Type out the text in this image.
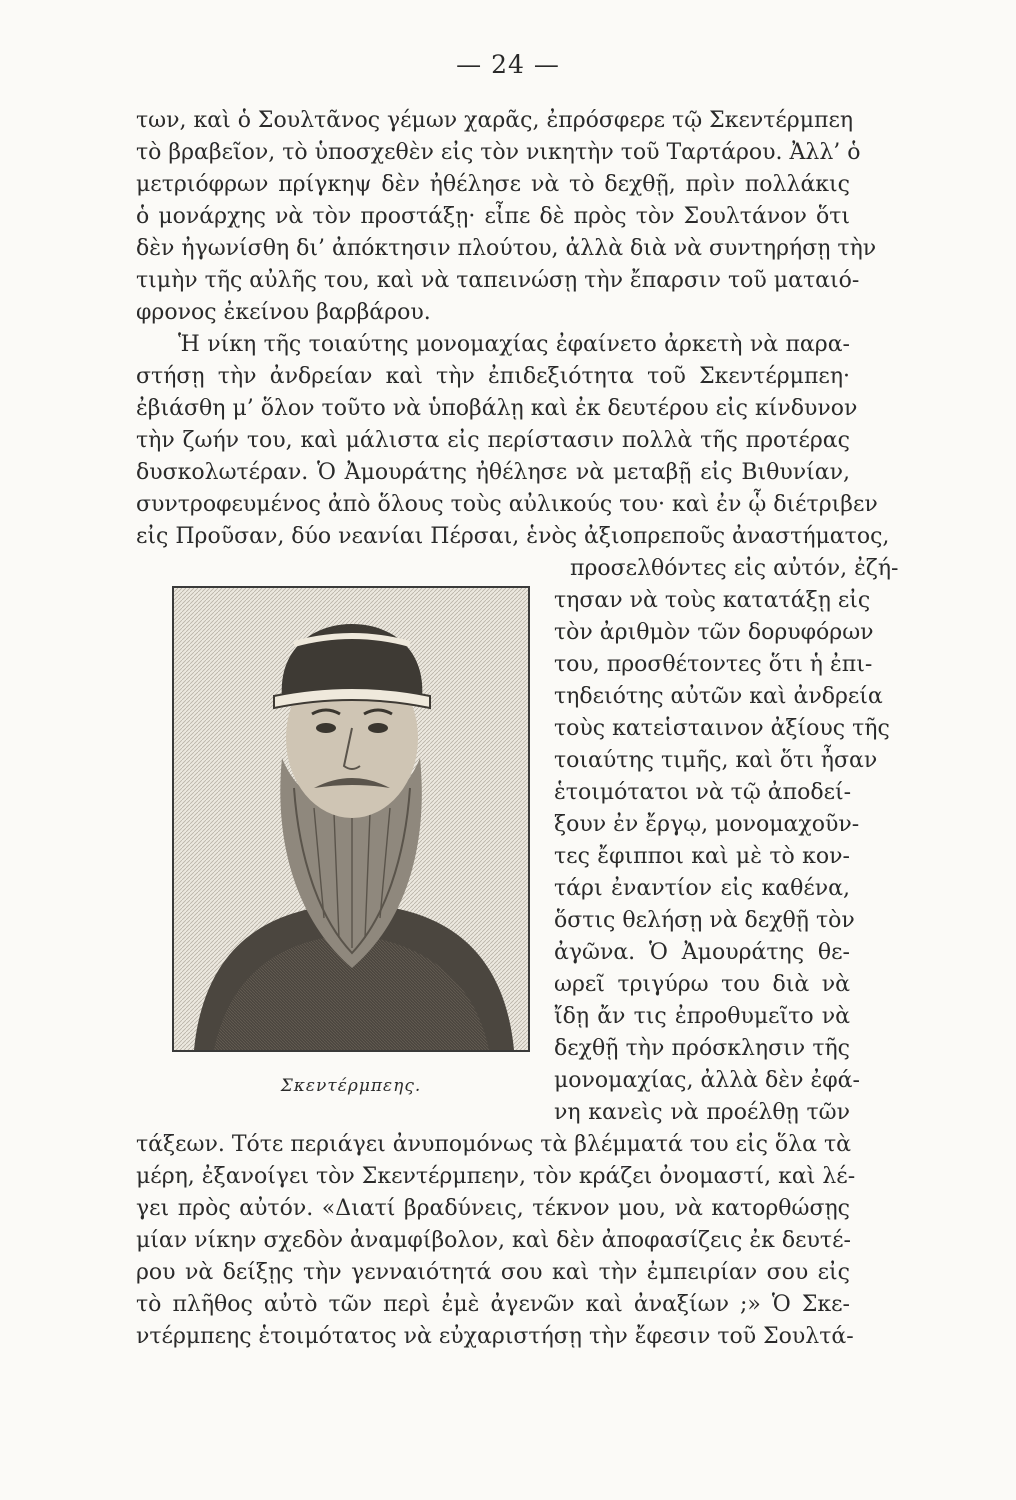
— 24 —
των, καὶ ὁ Σουλτᾶνος γέμων χαρᾶς, ἐπρόσφερε τῷ Σκεντέρμπεη
τὸ βραβεῖον, τὸ ὑποσχεθὲν εἰς τὸν νικητὴν τοῦ Ταρτάρου. Ἀλλ’ ὁ
μετριόφρων πρίγκηψ δὲν ἠθέλησε νὰ τὸ δεχθῇ, πρὶν πολλάκις
ὁ μονάρχης νὰ τὸν προστάξῃ· εἶπε δὲ πρὸς τὸν Σουλτάνον ὅτι
δὲν ἠγωνίσθη δι’ ἀπόκτησιν πλούτου, ἀλλὰ διὰ νὰ συντηρήσῃ τὴν
τιμὴν τῆς αὐλῆς του, καὶ νὰ ταπεινώσῃ τὴν ἔπαρσιν τοῦ ματαιό-
φρονος ἐκείνου βαρβάρου.
Ἡ νίκη τῆς τοιαύτης μονομαχίας ἐφαίνετο ἀρκετὴ νὰ παρα-
στήσῃ τὴν ἀνδρείαν καὶ τὴν ἐπιδεξιότητα τοῦ Σκεντέρμπεη·
ἐβιάσθη μ’ ὅλον τοῦτο νὰ ὑποβάλῃ καὶ ἐκ δευτέρου εἰς κίνδυνον
τὴν ζωήν του, καὶ μάλιστα εἰς περίστασιν πολλὰ τῆς προτέρας
δυσκολωτέραν. Ὁ Ἀμουράτης ἠθέλησε νὰ μεταβῇ εἰς Βιθυνίαν,
συντροφευμένος ἀπὸ ὅλους τοὺς αὐλικούς του· καὶ ἐν ᾧ διέτριβεν
εἰς Προῦσαν, δύο νεανίαι Πέρσαι, ἑνὸς ἀξιοπρεποῦς ἀναστήματος,
Σκεντέρμπεης.
προσελθόντες εἰς αὐτόν, ἐζή-
τησαν νὰ τοὺς κατατάξῃ εἰς
τὸν ἀριθμὸν τῶν δορυφόρων
του, προσθέτοντες ὅτι ἡ ἐπι-
τηδειότης αὐτῶν καὶ ἀνδρεία
τοὺς κατεἱσταινον ἀξίους τῆς
τοιαύτης τιμῆς, καὶ ὅτι ἦσαν
ἑτοιμότατοι νὰ τῷ ἀποδεί-
ξουν ἐν ἔργῳ, μονομαχοῦν-
τες ἔφιπποι καὶ μὲ τὸ κον-
τάρι ἐναντίον εἰς καθένα,
ὅστις θελήσῃ νὰ δεχθῇ τὸν
ἀγῶνα. Ὁ Ἀμουράτης θε-
ωρεῖ τριγύρω του διὰ νὰ
ἴδῃ ἄν τις ἐπροθυμεῖτο νὰ
δεχθῇ τὴν πρόσκλησιν τῆς
μονομαχίας, ἀλλὰ δὲν ἐφά-
νη κανεὶς νὰ προέλθῃ τῶν
τάξεων. Τότε περιάγει ἀνυπομόνως τὰ βλέμματά του εἰς ὅλα τὰ
μέρη, ἐξανοίγει τὸν Σκεντέρμπεην, τὸν κράζει ὀνομαστί, καὶ λέ-
γει πρὸς αὐτόν. «Διατί βραδύνεις, τέκνον μου, νὰ κατορθώσῃς
μίαν νίκην σχεδὸν ἀναμφίβολον, καὶ δὲν ἀποφασίζεις ἐκ δευτέ-
ρου νὰ δείξῃς τὴν γενναιότητά σου καὶ τὴν ἐμπειρίαν σου εἰς
τὸ πλῆθος αὐτὸ τῶν περὶ ἐμὲ ἀγενῶν καὶ ἀναξίων ;» Ὁ Σκε-
ντέρμπεης ἑτοιμότατος νὰ εὐχαριστήσῃ τὴν ἔφεσιν τοῦ Σουλτά-
